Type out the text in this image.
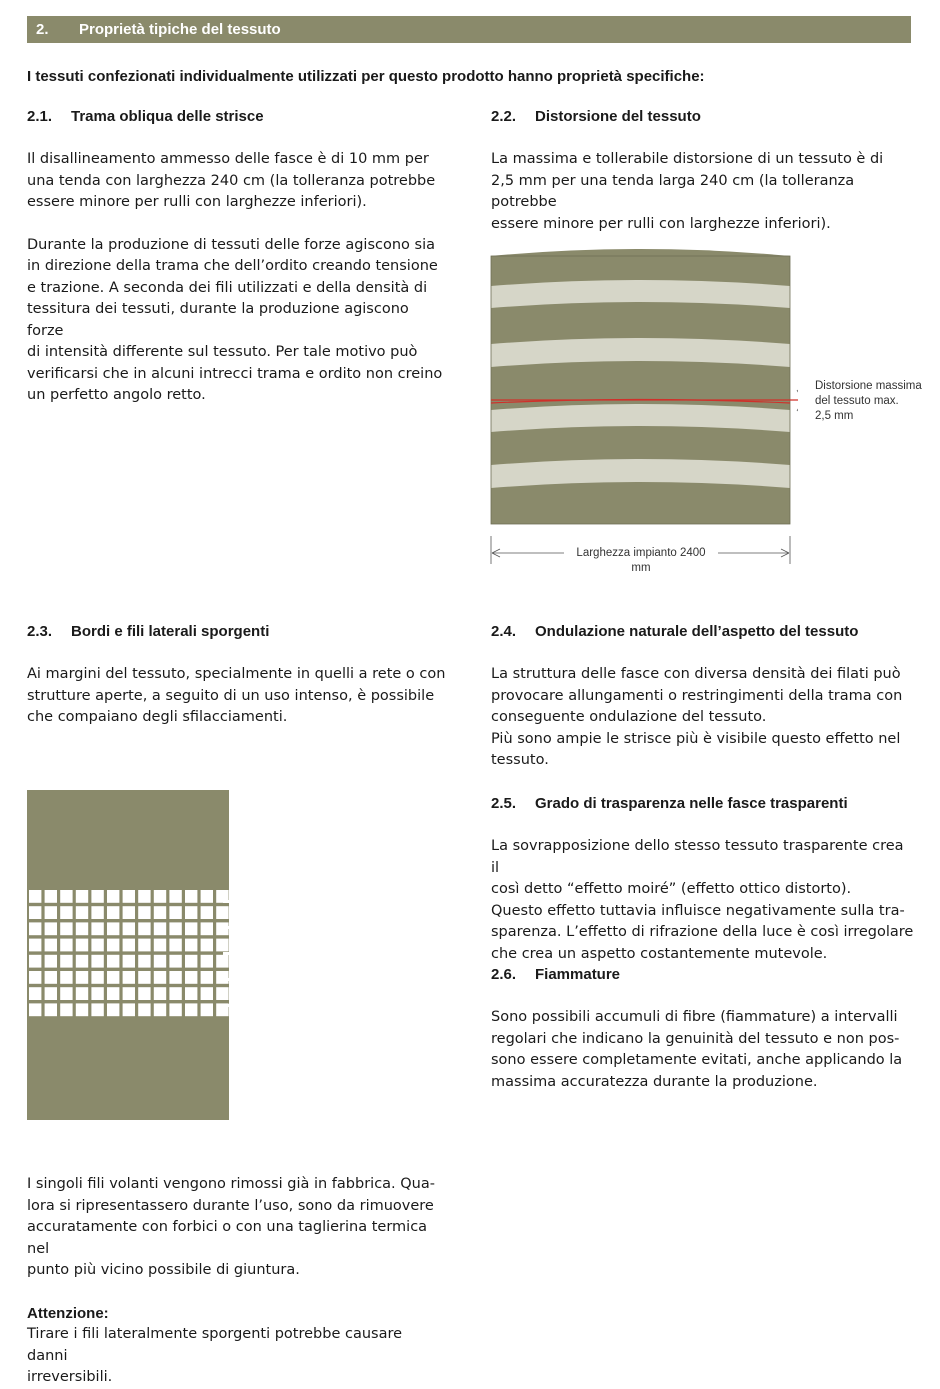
2.	Proprietà tipiche del tessuto
I tessuti confezionati individualmente utilizzati per questo prodotto hanno proprietà specifiche:
2.1. Trama obliqua delle strisce
Il disallineamento ammesso delle fasce è di 10 mm per
una tenda con larghezza 240 cm (la tolleranza potrebbe
essere minore per rulli con larghezze inferiori).
Durante la produzione di tessuti delle forze agiscono sia
in direzione della trama che dell’ordito creando tensione
e trazione. A seconda dei fili utilizzati e della densità di
tessitura dei tessuti, durante la produzione agiscono forze
di intensità differente sul tessuto. Per tale motivo può
verificarsi che in alcuni intrecci trama e ordito non creino
un perfetto angolo retto.
2.2. Distorsione del tessuto
La massima e tollerabile distorsione di un tessuto è di
2,5 mm per una tenda larga 240 cm (la tolleranza potrebbe
essere minore per rulli con larghezze inferiori).
Distorsione massima
del tessuto max.
2,5 mm
Larghezza impianto 2400 mm
2.3. Bordi e fili laterali sporgenti
Ai margini del tessuto, specialmente in quelli a rete o con
strutture aperte, a seguito di un uso intenso, è possibile
che compaiano degli sfilacciamenti.
I singoli fili volanti vengono rimossi già in fabbrica. Qua-
lora si ripresentassero durante l’uso, sono da rimuovere
accuratamente con forbici o con una taglierina termica nel
punto più vicino possibile di giuntura.
Attenzione:
Tirare i fili lateralmente sporgenti potrebbe causare danni
irreversibili.
2.4. Ondulazione naturale dell’aspetto del tessuto
La struttura delle fasce con diversa densità dei filati può
provocare allungamenti o restringimenti della trama con
conseguente ondulazione del tessuto.
Più sono ampie le strisce più è visibile questo effetto nel
tessuto.
2.5. Grado di trasparenza nelle fasce trasparenti
La sovrapposizione dello stesso tessuto trasparente crea il
così detto “effetto moiré” (effetto ottico distorto).
Questo effetto tuttavia influisce negativamente sulla tra-
sparenza. L’effetto di rifrazione della luce è così irregolare
che crea un aspetto costantemente mutevole.
2.6. Fiammature
Sono possibili accumuli di fibre (fiammature) a intervalli
regolari che indicano la genuinità del tessuto e non pos-
sono essere completamente evitati, anche applicando la
massima accuratezza durante la produzione.
